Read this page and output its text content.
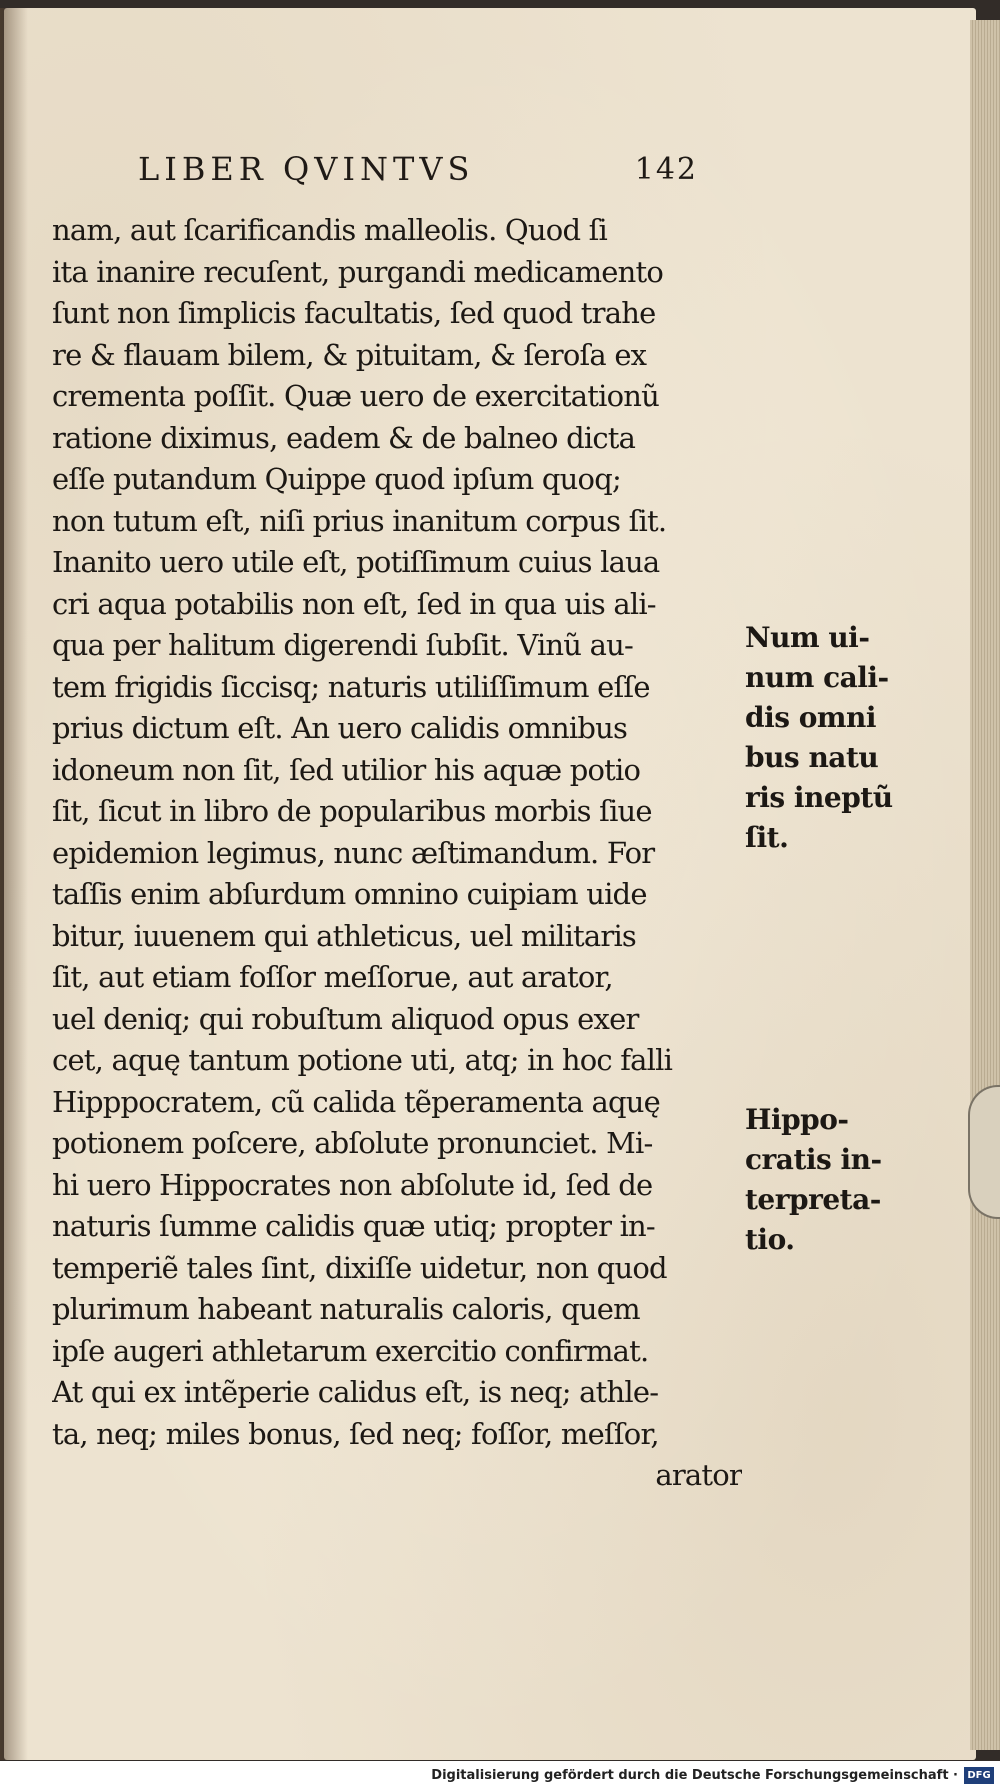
LIBER QVINTVS	142
nam, aut ſcarificandis malleolis. Quod ſi
ita inanire recuſent, purgandi medicamento
ſunt non ſimplicis facultatis, ſed quod trahe
re & flauam bilem, & pituitam, & ſeroſa ex
crementa poſſit. Quæ uero de exercitationũ
ratione diximus, eadem & de balneo dicta
eſſe putandum Quippe quod ipſum quoq;
non tutum eſt, niſi prius inanitum corpus ſit.
Inanito uero utile eſt, potiſſimum cuius laua
cri aqua potabilis non eſt, ſed in qua uis ali-
qua per halitum digerendi ſubſit. Vinũ au-
tem frigidis ſiccisq; naturis utiliſſimum eſſe
prius dictum eſt. An uero calidis omnibus
idoneum non ſit, ſed utilior his aquæ potio
ſit, ſicut in libro de popularibus morbis ſiue
epidemion legimus, nunc æſtimandum. For
taſſis enim abſurdum omnino cuipiam uide
bitur, iuuenem qui athleticus, uel militaris
ſit, aut etiam foſſor meſſorue, aut arator,
uel deniq; qui robuſtum aliquod opus exer
cet, aquę tantum potione uti, atq; in hoc falli
Hipppocratem, cũ calida tẽperamenta aquę
potionem poſcere, abſolute pronunciet. Mi-
hi uero Hippocrates non abſolute id, ſed de
naturis ſumme calidis quæ utiq; propter in-
temperiẽ tales ſint, dixiſſe uidetur, non quod
plurimum habeant naturalis caloris, quem
ipſe augeri athletarum exercitio confirmat.
At qui ex intẽperie calidus eſt, is neq; athle-
ta, neq; miles bonus, ſed neq; foſſor, meſſor,
arator
Num ui-
num cali-
dis omni
bus natu
ris ineptũ
ſit.
Hippo-
cratis in-
terpreta-
tio.
Digitalisierung gefördert durch die Deutsche Forschungsgemeinschaft · DFG
